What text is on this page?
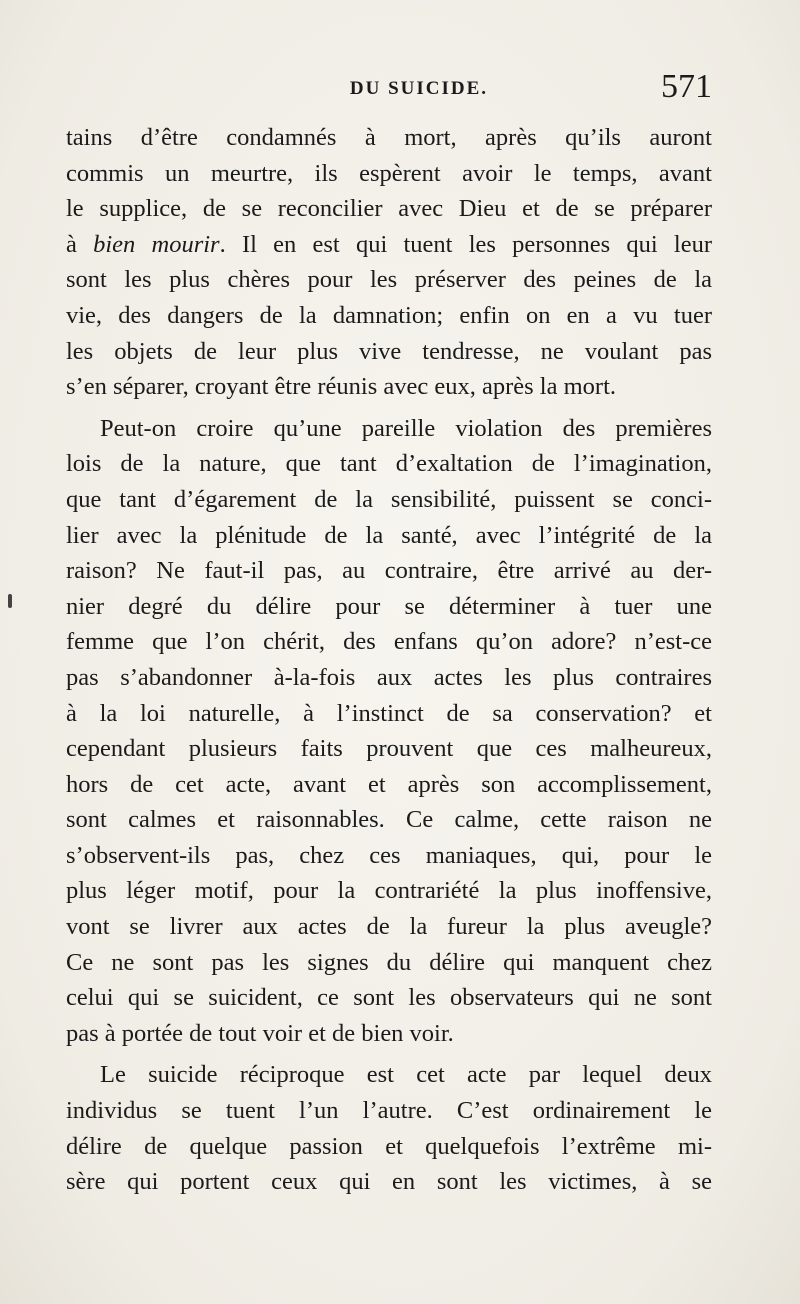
DU SUICIDE.	571
tains d’être condamnés à mort, après qu’ils auront
commis un meurtre, ils espèrent avoir le temps, avant
le supplice, de se reconcilier avec Dieu et de se préparer
à bien mourir. Il en est qui tuent les personnes qui leur
sont les plus chères pour les préserver des peines de la
vie, des dangers de la damnation; enfin on en a vu tuer
les objets de leur plus vive tendresse, ne voulant pas
s’en séparer, croyant être réunis avec eux, après la mort.
Peut-on croire qu’une pareille violation des premières
lois de la nature, que tant d’exaltation de l’imagination,
que tant d’égarement de la sensibilité, puissent se conci-
lier avec la plénitude de la santé, avec l’intégrité de la
raison? Ne faut-il pas, au contraire, être arrivé au der-
nier degré du délire pour se déterminer à tuer une
femme que l’on chérit, des enfans qu’on adore? n’est-ce
pas s’abandonner à-la-fois aux actes les plus contraires
à la loi naturelle, à l’instinct de sa conservation? et
cependant plusieurs faits prouvent que ces malheureux,
hors de cet acte, avant et après son accomplissement,
sont calmes et raisonnables. Ce calme, cette raison ne
s’observent-ils pas, chez ces maniaques, qui, pour le
plus léger motif, pour la contrariété la plus inoffensive,
vont se livrer aux actes de la fureur la plus aveugle?
Ce ne sont pas les signes du délire qui manquent chez
celui qui se suicident, ce sont les observateurs qui ne sont
pas à portée de tout voir et de bien voir.
Le suicide réciproque est cet acte par lequel deux
individus se tuent l’un l’autre. C’est ordinairement le
délire de quelque passion et quelquefois l’extrême mi-
sère qui portent ceux qui en sont les victimes, à se
